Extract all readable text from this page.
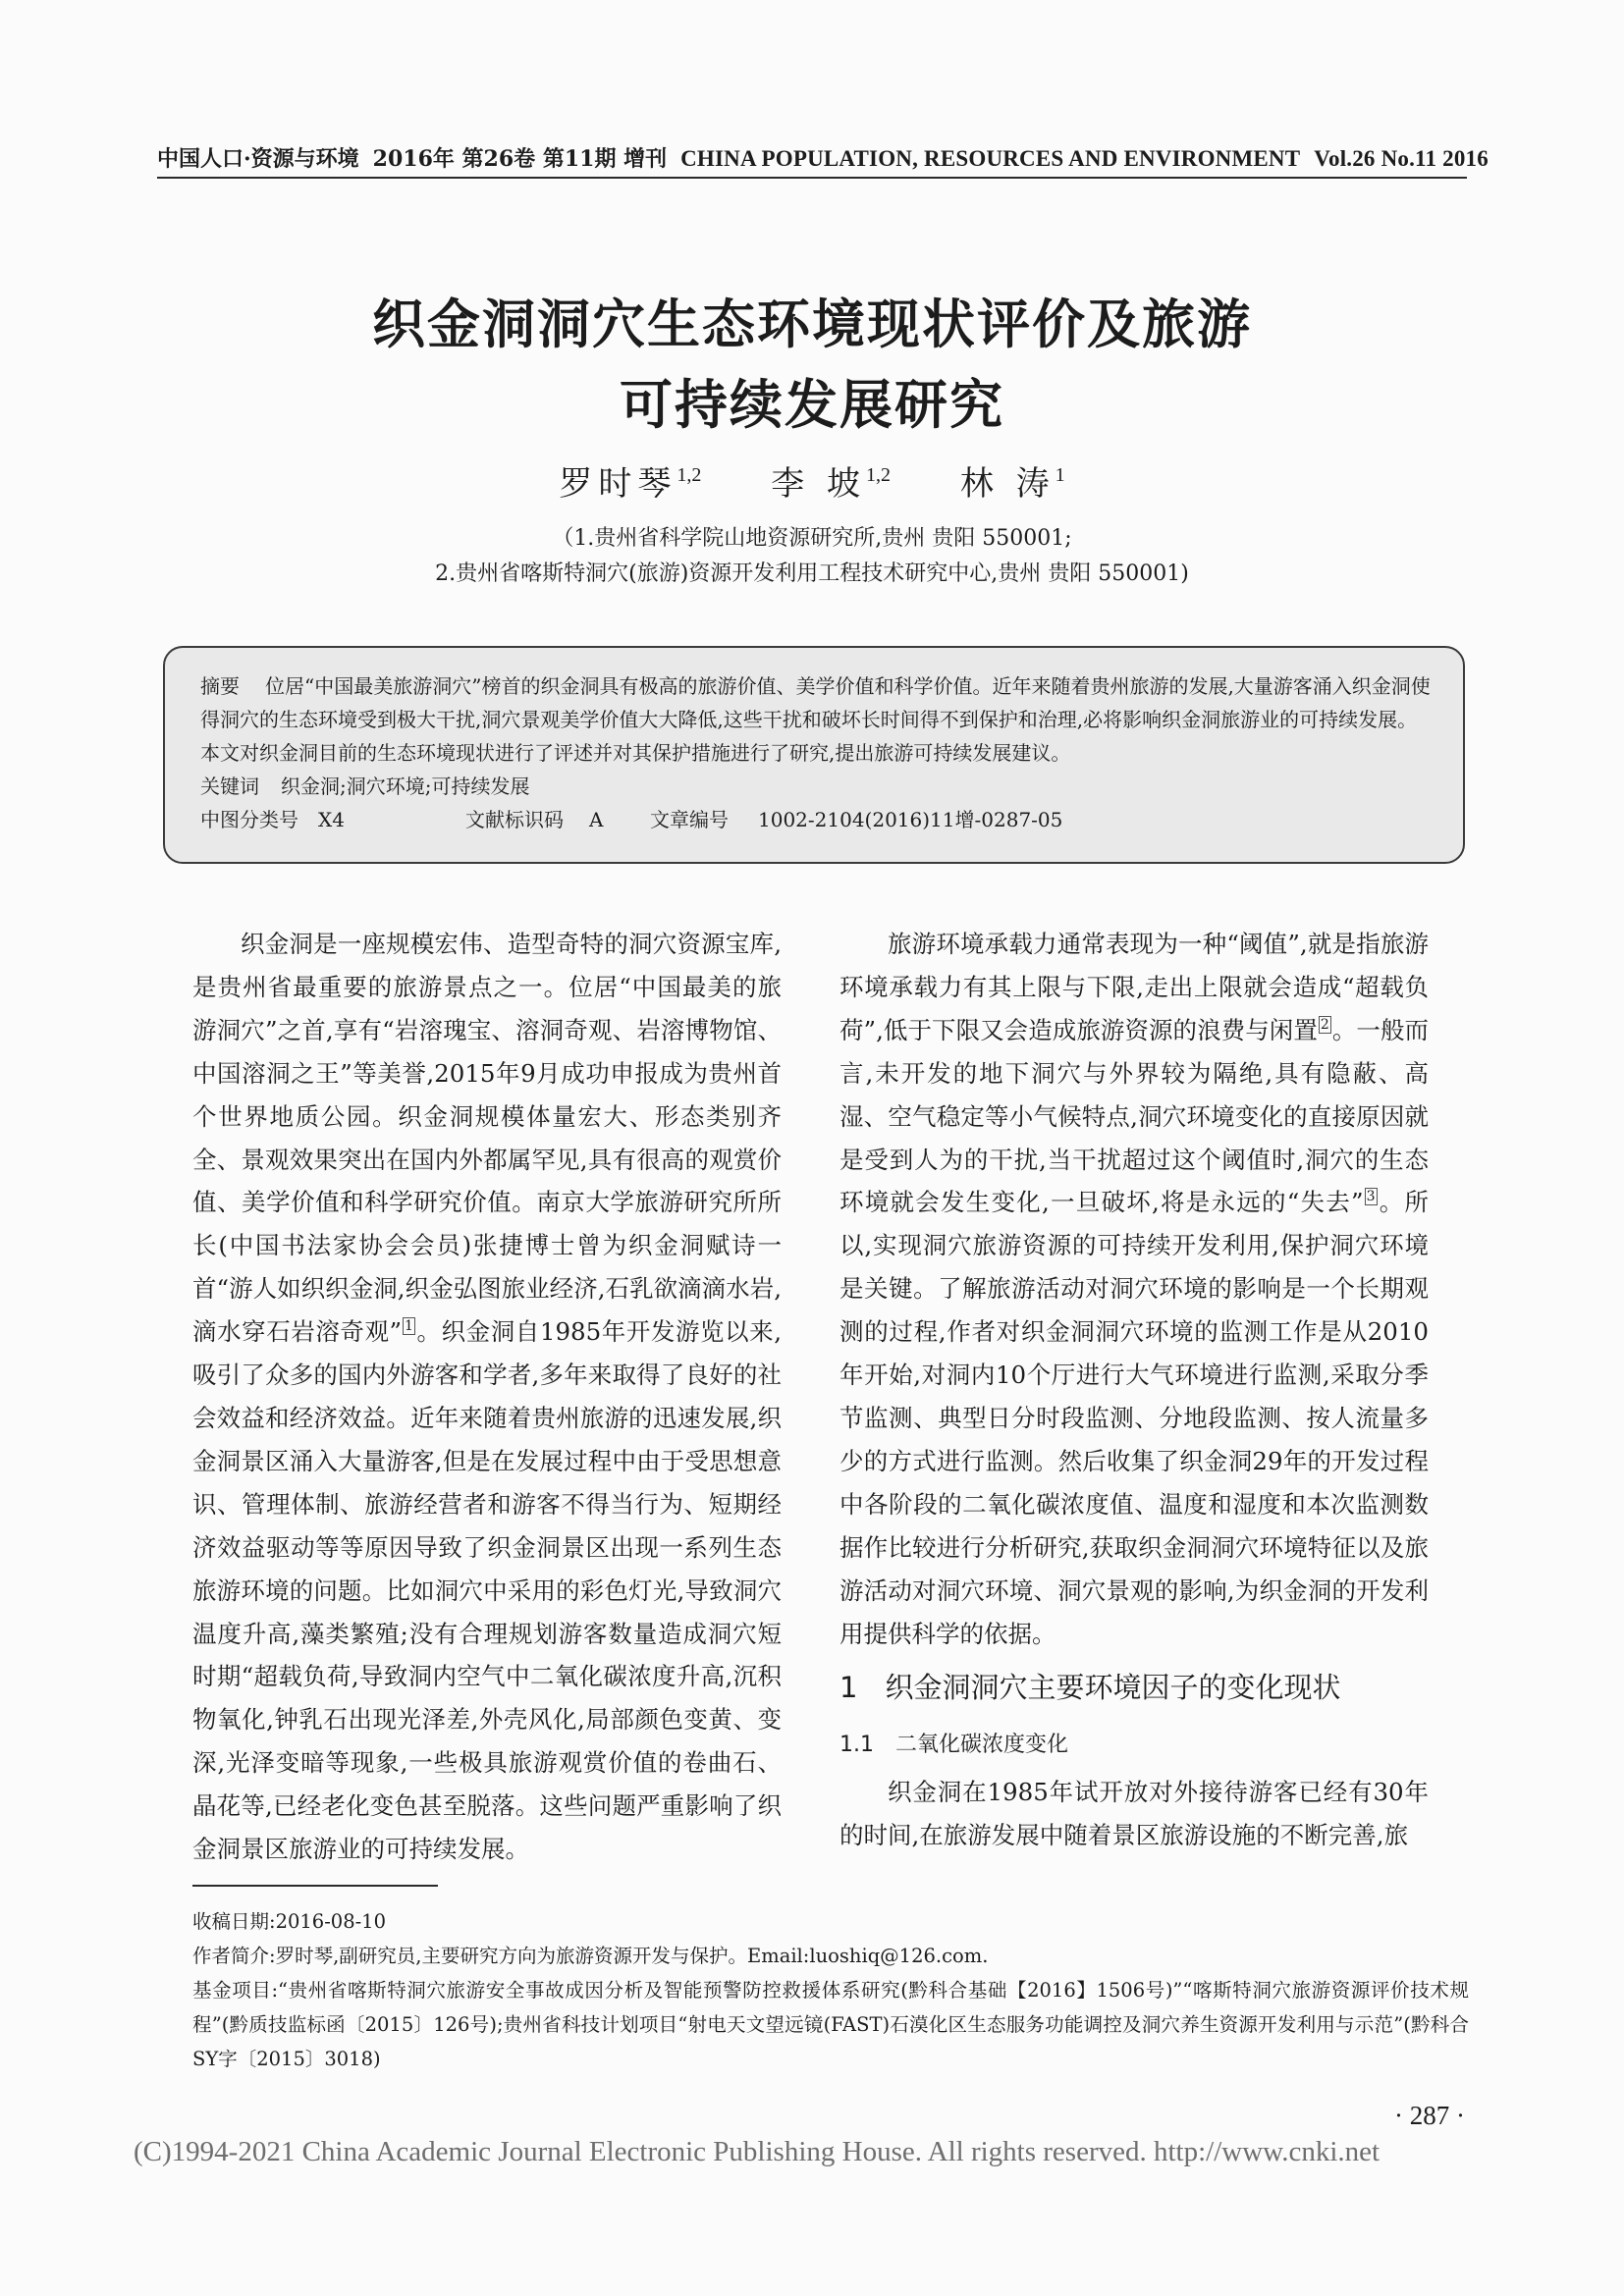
中国人口·资源与环境 2016年 第26卷 第11期 增刊 CHINA POPULATION, RESOURCES AND ENVIRONMENT Vol.26 No.11 2016
织金洞洞穴生态环境现状评价及旅游
可持续发展研究
罗时琴$^{1,2}$ 李 坡$^{1,2}$ 林 涛$^1$
（1.贵州省科学院山地资源研究所,贵州 贵阳 550001;
2.贵州省喀斯特洞穴(旅游)资源开发利用工程技术研究中心,贵州 贵阳 550001)

摘要 位居“中国最美旅游洞穴”榜首的织金洞具有极高的旅游价值、美学价值和科学价值。近年来随着贵州旅游的发展,大量游客涌入织金洞使得洞穴的生态环境受到极大干扰,洞穴景观美学价值大大降低,这些干扰和破坏长时间得不到保护和治理,必将影响织金洞旅游业的可持续发展。本文对织金洞目前的生态环境现状进行了评述并对其保护措施进行了研究,提出旅游可持续发展建议。

关键词 织金洞;洞穴环境;可持续发展

中图分类号	X4	文献标识码	A	文章编号	1002-2104(2016)11增-0287-05

织金洞是一座规模宏伟、造型奇特的洞穴资源宝库,是贵州省最重要的旅游景点之一。位居“中国最美的旅游洞穴”之首,享有“岩溶瑰宝、溶洞奇观、岩溶博物馆、中国溶洞之王”等美誉,2015年9月成功申报成为贵州首个世界地质公园。织金洞规模体量宏大、形态类别齐全、景观效果突出在国内外都属罕见,具有很高的观赏价值、美学价值和科学研究价值。南京大学旅游研究所所长(中国书法家协会会员)张捷博士曾为织金洞赋诗一首“游人如织织金洞,织金弘图旅业经济,石乳欲滴滴水岩,滴水穿石岩溶奇观” $^1$ 。织金洞自1985年开发游览以来,吸引了众多的国内外游客和学者,多年来取得了良好的社会效益和经济效益。近年来随着贵州旅游的迅速发展,织金洞景区涌入大量游客,但是在发展过程中由于受思想意识、管理体制、旅游经营者和游客不得当行为、短期经济效益驱动等等原因导致了织金洞景区出现一系列生态旅游环境的问题。比如洞穴中采用的彩色灯光,导致洞穴温度升高,藻类繁殖;没有合理规划游客数量造成洞穴短时期“超载负荷,导致洞内空气中二氧化碳浓度升高,沉积物氧化,钟乳石出现光泽差,外壳风化,局部颜色变黄、变深,光泽变暗等现象,一些极具旅游观赏价值的卷曲石、晶花等,已经老化变色甚至脱落。这些问题严重影响了织金洞景区旅游业的可持续发展。

旅游环境承载力通常表现为一种“阈值”,就是指旅游环境承载力有其上限与下限,走出上限就会造成“超载负荷”,低于下限又会造成旅游资源的浪费与闲置 $^2$ 。一般而言,未开发的地下洞穴与外界较为隔绝,具有隐蔽、高湿、空气稳定等小气候特点,洞穴环境变化的直接原因就是受到人为的干扰,当干扰超过这个阈值时,洞穴的生态环境就会发生变化,一旦破坏,将是永远的“失去” $^3$ 。所以,实现洞穴旅游资源的可持续开发利用,保护洞穴环境是关键。了解旅游活动对洞穴环境的影响是一个长期观测的过程,作者对织金洞洞穴环境的监测工作是从2010年开始,对洞内10个厅进行大气环境进行监测,采取分季节监测、典型日分时段监测、分地段监测、按人流量多少的方式进行监测。然后收集了织金洞29年的开发过程中各阶段的二氧化碳浓度值、温度和湿度和本次监测数据作比较进行分析研究,获取织金洞洞穴环境特征以及旅游活动对洞穴环境、洞穴景观的影响,为织金洞的开发利用提供科学的依据。

1 织金洞洞穴主要环境因子的变化现状

1.1 二氧化碳浓度变化

织金洞在1985年试开放对外接待游客已经有30年的时间,在旅游发展中随着景区旅游设施的不断完善,旅

收稿日期:2016-08-10

作者简介:罗时琴,副研究员,主要研究方向为旅游资源开发与保护。Email:luoshiq@126.com.

基金项目:“贵州省喀斯特洞穴旅游安全事故成因分析及智能预警防控救援体系研究(黔科合基础【2016】1506号)”“喀斯特洞穴旅游资源评价技术规程”(黔质技监标函〔2015〕126号);贵州省科技计划项目“射电天文望远镜(FAST)石漠化区生态服务功能调控及洞穴养生资源开发利用与示范”(黔科合SY字〔2015〕3018)

· 287 ·
(C)1994-2021 China Academic Journal Electronic Publishing House. All rights reserved. http://www.cnki.net
